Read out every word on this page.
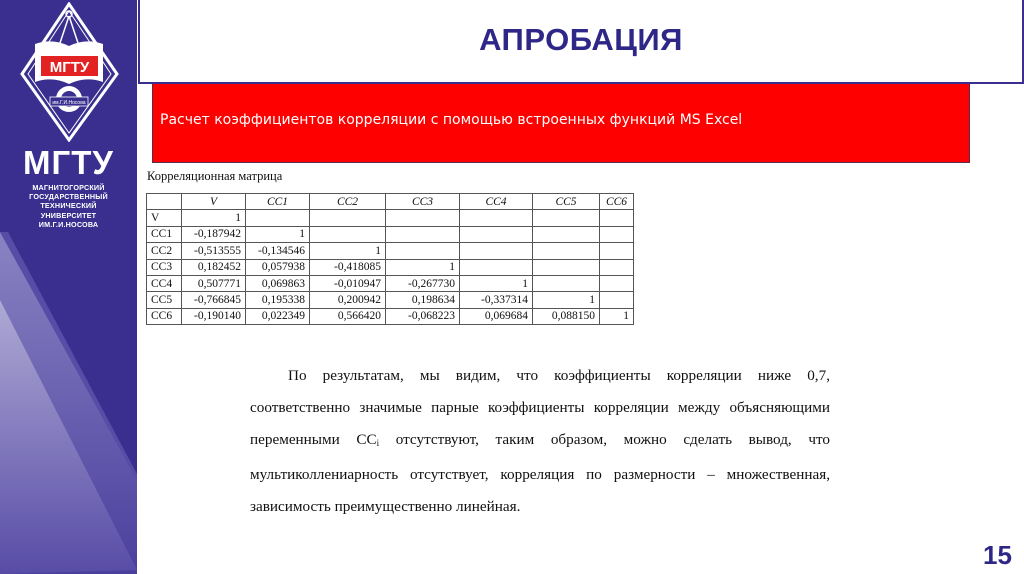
МГТУ
им.Г.И.Носова
МГТУ
МАГНИТОГОРСКИЙ
ГОСУДАРСТВЕННЫЙ
ТЕХНИЧЕСКИЙ
УНИВЕРСИТЕТ
ИМ.Г.И.НОСОВА
АПРОБАЦИЯ
Расчет коэффициентов корреляции с помощью встроенных функций MS Excel
Корреляционная матрица
	V	CC1	CC2	CC3	CC4	CC5	CC6
V	1						
CC1	-0,187942	1					
CC2	-0,513555	-0,134546	1				
CC3	0,182452	0,057938	-0,418085	1			
CC4	0,507771	0,069863	-0,010947	-0,267730	1		
CC5	-0,766845	0,195338	0,200942	0,198634	-0,337314	1	
CC6	-0,190140	0,022349	0,566420	-0,068223	0,069684	0,088150	1
По результатам, мы видим, что коэффициенты корреляции ниже 0,7, соответственно значимые парные коэффициенты корреляции между объясняющими переменными $CC_i$ отсутствуют, таким образом, можно сделать вывод, что мультиколлениарность отсутствует, корреляция по размерности – множественная, зависимость преимущественно линейная.
15
